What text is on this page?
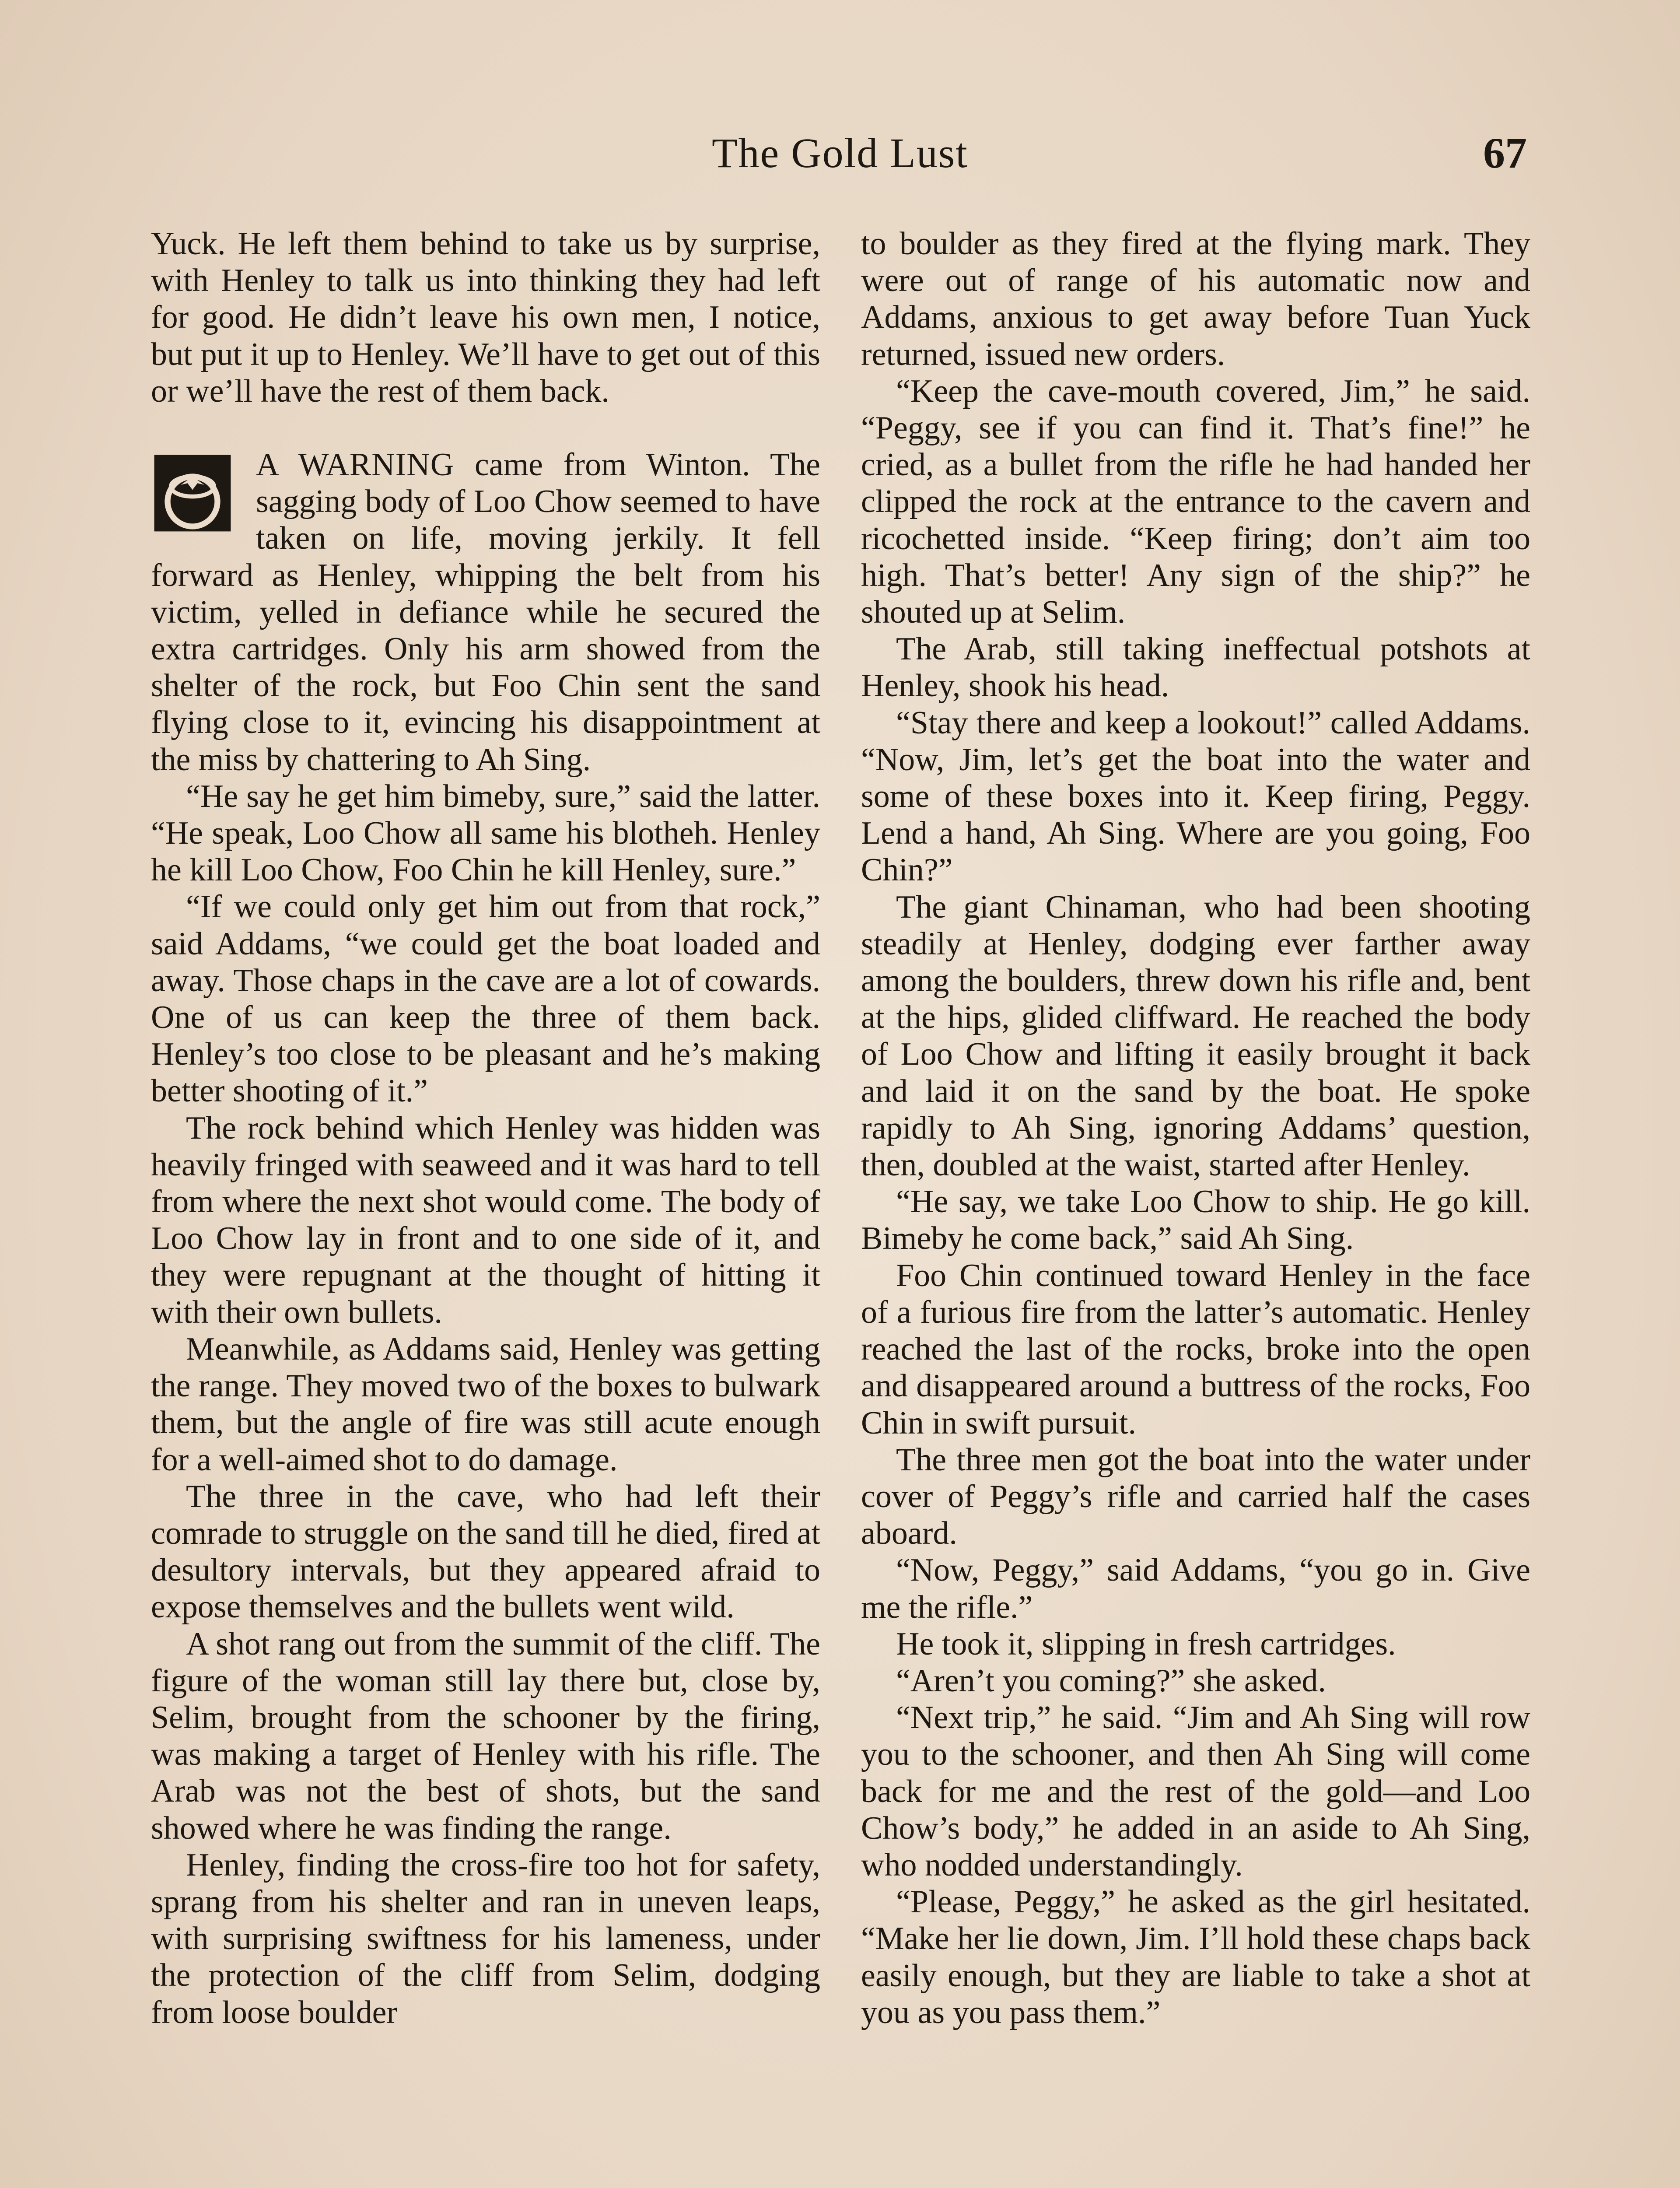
The Gold Lust	67

Yuck. He left them behind to take us by surprise, with Henley to talk us into thinking they had left for good. He didn’t leave his own men, I notice, but put it up to Henley. We’ll have to get out of this or we’ll have the rest of them back.

A WARNING came from Winton. The sagging body of Loo Chow seemed to have taken on life, moving jerkily. It fell forward as Henley, whipping the belt from his victim, yelled in defiance while he secured the extra cartridges. Only his arm showed from the shelter of the rock, but Foo Chin sent the sand flying close to it, evincing his disappointment at the miss by chattering to Ah Sing.

“He say he get him bimeby, sure,” said the latter. “He speak, Loo Chow all same his blotheh. Henley he kill Loo Chow, Foo Chin he kill Henley, sure.”

“If we could only get him out from that rock,” said Addams, “we could get the boat loaded and away. Those chaps in the cave are a lot of cowards. One of us can keep the three of them back. Henley’s too close to be pleasant and he’s making better shooting of it.”

The rock behind which Henley was hidden was heavily fringed with seaweed and it was hard to tell from where the next shot would come. The body of Loo Chow lay in front and to one side of it, and they were repugnant at the thought of hitting it with their own bullets.

Meanwhile, as Addams said, Henley was getting the range. They moved two of the boxes to bulwark them, but the angle of fire was still acute enough for a well-aimed shot to do damage.

The three in the cave, who had left their comrade to struggle on the sand till he died, fired at desultory intervals, but they appeared afraid to expose themselves and the bullets went wild.

A shot rang out from the summit of the cliff. The figure of the woman still lay there but, close by, Selim, brought from the schooner by the firing, was making a target of Henley with his rifle. The Arab was not the best of shots, but the sand showed where he was finding the range.

Henley, finding the cross-fire too hot for safety, sprang from his shelter and ran in uneven leaps, with surprising swiftness for his lameness, under the protection of the cliff from Selim, dodging from loose boulder

to boulder as they fired at the flying mark. They were out of range of his automatic now and Addams, anxious to get away before Tuan Yuck returned, issued new orders.

“Keep the cave-mouth covered, Jim,” he said. “Peggy, see if you can find it. That’s fine!” he cried, as a bullet from the rifle he had handed her clipped the rock at the entrance to the cavern and ricochetted inside. “Keep firing; don’t aim too high. That’s better! Any sign of the ship?” he shouted up at Selim.

The Arab, still taking ineffectual potshots at Henley, shook his head.

“Stay there and keep a lookout!” called Addams. “Now, Jim, let’s get the boat into the water and some of these boxes into it. Keep firing, Peggy. Lend a hand, Ah Sing. Where are you going, Foo Chin?”

The giant Chinaman, who had been shooting steadily at Henley, dodging ever farther away among the boulders, threw down his rifle and, bent at the hips, glided cliffward. He reached the body of Loo Chow and lifting it easily brought it back and laid it on the sand by the boat. He spoke rapidly to Ah Sing, ignoring Addams’ question, then, doubled at the waist, started after Henley.

“He say, we take Loo Chow to ship. He go kill. Bimeby he come back,” said Ah Sing.

Foo Chin continued toward Henley in the face of a furious fire from the latter’s automatic. Henley reached the last of the rocks, broke into the open and disappeared around a buttress of the rocks, Foo Chin in swift pursuit.

The three men got the boat into the water under cover of Peggy’s rifle and carried half the cases aboard.

“Now, Peggy,” said Addams, “you go in. Give me the rifle.”

He took it, slipping in fresh cartridges.

“Aren’t you coming?” she asked.

“Next trip,” he said. “Jim and Ah Sing will row you to the schooner, and then Ah Sing will come back for me and the rest of the gold—and Loo Chow’s body,” he added in an aside to Ah Sing, who nodded understandingly.

“Please, Peggy,” he asked as the girl hesitated. “Make her lie down, Jim. I’ll hold these chaps back easily enough, but they are liable to take a shot at you as you pass them.”
